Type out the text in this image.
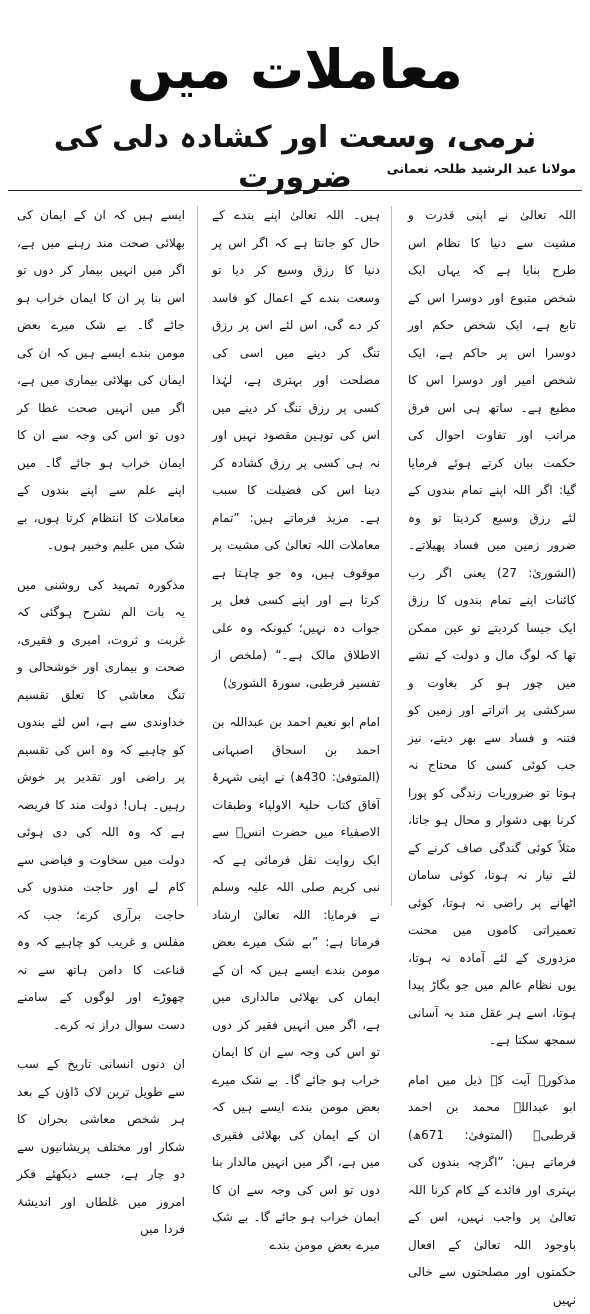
معاملات میں
نرمی، وسعت اور کشادہ دلی کی ضرورت	مولانا عبد الرشید طلحہ نعمانی

اللہ تعالیٰ نے اپنی قدرت و مشیت سے دنیا کا نظام اس طرح بنایا ہے کہ یہاں ایک شخص متبوع اور دوسرا اس کے تابع ہے، ایک شخص حکم اور دوسرا اس پر حاکم ہے، ایک شخص امیر اور دوسرا اس کا مطیع ہے۔ ساتھ ہی اس فرق مراتب اور تفاوت احوال کی حکمت بیان کرتے ہوئے فرمایا گیا: اگر اللہ اپنے تمام بندوں کے لئے رزق وسیع کردیتا تو وہ ضرور زمین میں فساد پھیلاتے۔ (الشوریٰ: 27) یعنی اگر رب کائنات اپنے تمام بندوں کا رزق ایک جیسا کردیتے تو عین ممکن تھا کہ لوگ مال و دولت کے نشے میں چور ہو کر بغاوت و سرکشی پر اتراتے اور زمین کو فتنہ و فساد سے بھر دیتے، نیز جب کوئی کسی کا محتاج نہ ہوتا تو ضروریات زندگی کو پورا کرنا بھی دشوار و محال ہو جاتا، مثلاً کوئی گندگی صاف کرنے کے لئے تیار نہ ہوتا، کوئی سامان اٹھانے پر راضی نہ ہوتا، کوئی تعمیراتی کاموں میں محنت مزدوری کے لئے آمادہ نہ ہوتا، یوں نظام عالم میں جو بگاڑ پیدا ہوتا، اسے ہر عقل مند بہ آسانی سمجھ سکتا ہے۔

مذکورہ آیت کے ذیل میں امام ابو عبداللہ محمد بن احمد قرطبیؒ (المتوفیٰ: 671ھ) فرماتے ہیں: ”اگرچہ بندوں کی بہتری اور فائدے کے کام کرنا اللہ تعالیٰ پر واجب نہیں، اس کے باوجود اللہ تعالیٰ کے افعال حکمتوں اور مصلحتوں سے خالی نہیں

ہیں۔ اللہ تعالیٰ اپنے بندے کے حال کو جانتا ہے کہ اگر اس پر دنیا کا رزق وسیع کر دیا تو وسعت بندے کے اعمال کو فاسد کر دے گی، اس لئے اس پر رزق تنگ کر دینے میں اسی کی مصلحت اور بہتری ہے، لہٰذا کسی پر رزق تنگ کر دینے میں اس کی توہین مقصود نہیں اور نہ ہی کسی پر رزق کشادہ کر دینا اس کی فضیلت کا سبب ہے۔ مزید فرماتے ہیں: ”تمام معاملات اللہ تعالیٰ کی مشیت پر موقوف ہیں، وہ جو چاہتا ہے کرتا ہے اور اپنے کسی فعل پر جواب دہ نہیں؛ کیونکہ وہ علی الاطلاق مالک ہے۔“ (ملخص از تفسیر قرطبی، سورۃ الشوریٰ)

امام ابو نعیم احمد بن عبداللہ بن احمد بن اسحاق اصبہانی (المتوفیٰ: 430ھ) نے اپنی شہرۂ آفاق کتاب حلیۃ الاولیاء وطبقات الاصفیاء میں حضرت انسؓ سے ایک روایت نقل فرمائی ہے کہ نبی کریم صلی اللہ علیہ وسلم نے فرمایا: اللہ تعالیٰ ارشاد فرماتا ہے: ”بے شک میرے بعض مومن بندے ایسے ہیں کہ ان کے ایمان کی بھلائی مالداری میں ہے، اگر میں انہیں فقیر کر دوں تو اس کی وجہ سے ان کا ایمان خراب ہو جائے گا۔ بے شک میرے بعض مومن بندے ایسے ہیں کہ ان کے ایمان کی بھلائی فقیری میں ہے، اگر میں انہیں مالدار بنا دوں تو اس کی وجہ سے ان کا ایمان خراب ہو جائے گا۔ بے شک میرے بعض مومن بندے

ایسے ہیں کہ ان کے ایمان کی بھلائی صحت مند رہنے میں ہے، اگر میں انہیں بیمار کر دوں تو اس بنا پر ان کا ایمان خراب ہو جائے گا۔ بے شک میرے بعض مومن بندے ایسے ہیں کہ ان کی ایمان کی بھلائی بیماری میں ہے، اگر میں انہیں صحت عطا کر دوں تو اس کی وجہ سے ان کا ایمان خراب ہو جائے گا۔ میں اپنے علم سے اپنے بندوں کے معاملات کا انتظام کرتا ہوں، بے شک میں علیم وخبیر ہوں۔

مذکورہ تمہید کی روشنی میں یہ بات الم نشرح ہوگئی کہ غربت و ثروت، امیری و فقیری، صحت و بیماری اور خوشحالی و تنگ معاشی کا تعلق تقسیم خداوندی سے ہے، اس لئے بندوں کو چاہیے کہ وہ اس کی تقسیم پر راضی اور تقدیر پر خوش رہیں۔ ہاں! دولت مند کا فریضہ ہے کہ وہ اللہ کی دی ہوئی دولت میں سخاوت و فیاضی سے کام لے اور حاجت مندوں کی حاجت برآری کرے؛ جب کہ مفلس و غریب کو چاہیے کہ وہ قناعت کا دامن ہاتھ سے نہ چھوڑے اور لوگوں کے سامنے دست سوال دراز نہ کرے۔

ان دنوں انسانی تاریخ کے سب سے طویل ترین لاک ڈاؤن کے بعد ہر شخص معاشی بحران کا شکار اور مختلف پریشانیوں سے دو چار ہے، جسے دیکھئے فکر امروز میں غلطاں اور اندیشۂ فردا میں
